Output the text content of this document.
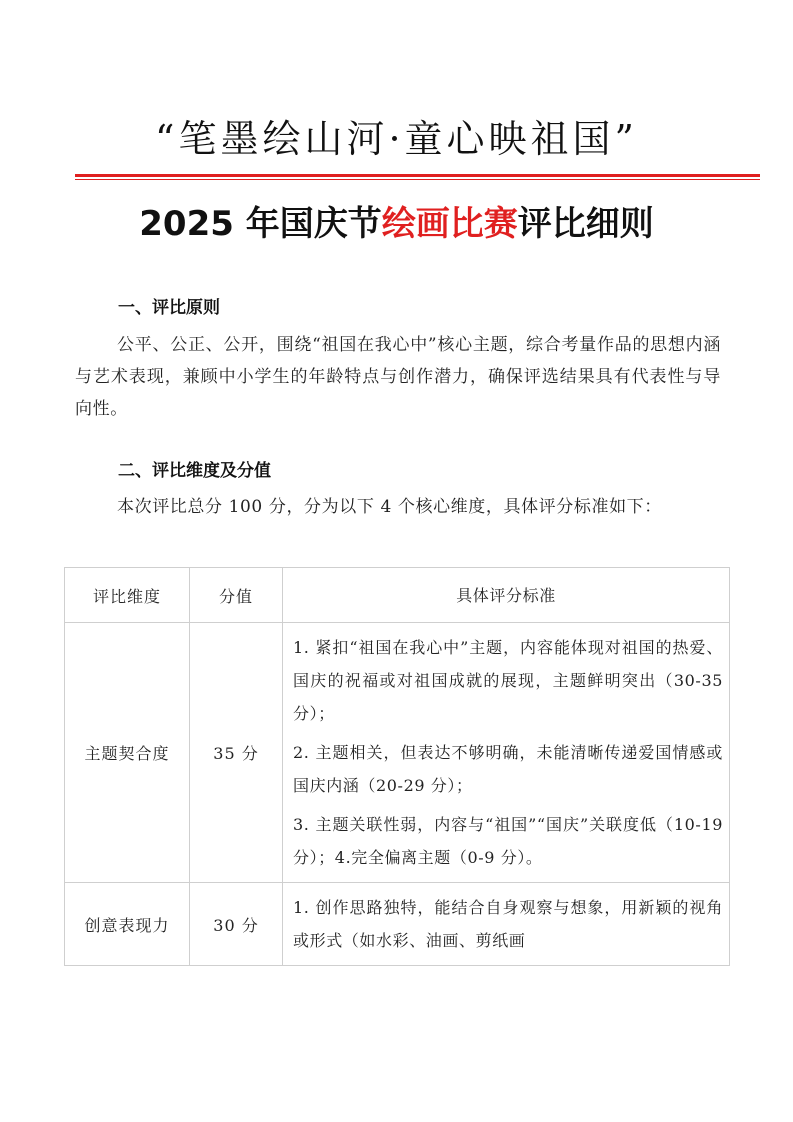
“笔墨绘山河·童心映祖国”
2025 年国庆节绘画比赛评比细则
一、评比原则
公平、公正、公开，围绕“祖国在我心中”核心主题，综合考量作品的思想内涵与艺术表现，兼顾中小学生的年龄特点与创作潜力，确保评选结果具有代表性与导向性。
二、评比维度及分值
本次评比总分 100 分，分为以下 4 个核心维度，具体评分标准如下：
评比维度	分值	具体评分标准
主题契合度	35 分	1. 紧扣“祖国在我心中”主题，内容能体现对祖国的热爱、国庆的祝福或对祖国成就的展现，主题鲜明突出（30-35 分）；

2. 主题相关，但表达不够明确，未能清晰传递爱国情感或国庆内涵（20-29 分）；

3. 主题关联性弱，内容与“祖国”“国庆”关联度低（10-19 分）；4.完全偏离主题（0-9 分）。

创意表现力	30 分	1. 创作思路独特，能结合自身观察与想象，用新颖的视角或形式（如水彩、油画、剪纸画
